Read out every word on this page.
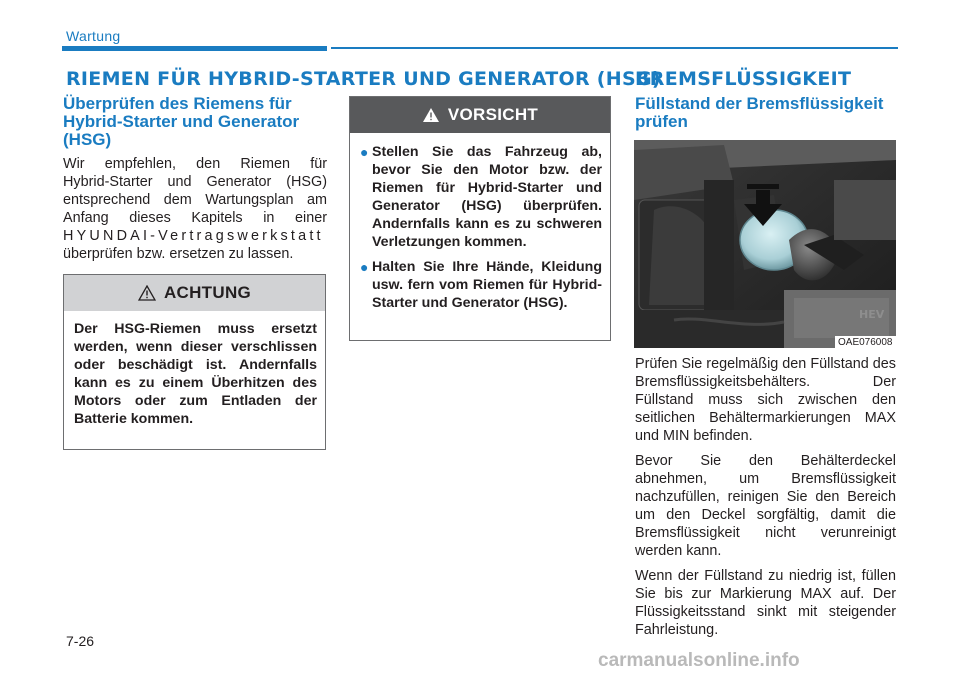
Wartung
RIEMEN FÜR HYBRID-STARTER UND GENERATOR (HSG)
BREMSFLÜSSIGKEIT
Überprüfen des Riemens für
Hybrid-Starter und Generator
(HSG)
Wir empfehlen, den Riemen für
Hybrid-Starter und Generator (HSG)
entsprechend dem Wartungsplan am
Anfang dieses Kapitels in einer
HYUNDAI-Vertragswerkstatt
überprüfen bzw. ersetzen zu lassen.
ACHTUNG
Der HSG-Riemen muss ersetzt werden, wenn dieser verschlissen oder beschädigt ist. Andernfalls kann es zu einem Überhitzen des Motors oder zum Entladen der Batterie kommen.
VORSICHT
● Stellen Sie das Fahrzeug ab, bevor Sie den Motor bzw. der Riemen für Hybrid-Starter und Generator (HSG) überprüfen. Andernfalls kann es zu schweren Verletzungen kommen.
● Halten Sie Ihre Hände, Kleidung usw. fern vom Riemen für Hybrid-Starter und Generator (HSG).
Füllstand der Bremsflüssigkeit
prüfen
HEV
OAE076008

Prüfen Sie regelmäßig den Füllstand des Bremsflüssigkeitsbehälters. Der Füllstand muss sich zwischen den seitlichen Behältermarkierungen MAX und MIN befinden.

Bevor Sie den Behälterdeckel abnehmen, um Bremsflüssigkeit nachzufüllen, reinigen Sie den Bereich um den Deckel sorgfältig, damit die Bremsflüssigkeit nicht verunreinigt werden kann.

Wenn der Füllstand zu niedrig ist, füllen Sie bis zur Markierung MAX auf. Der Flüssigkeitsstand sinkt mit steigender Fahrleistung.

7-26
carmanualsonline.info
